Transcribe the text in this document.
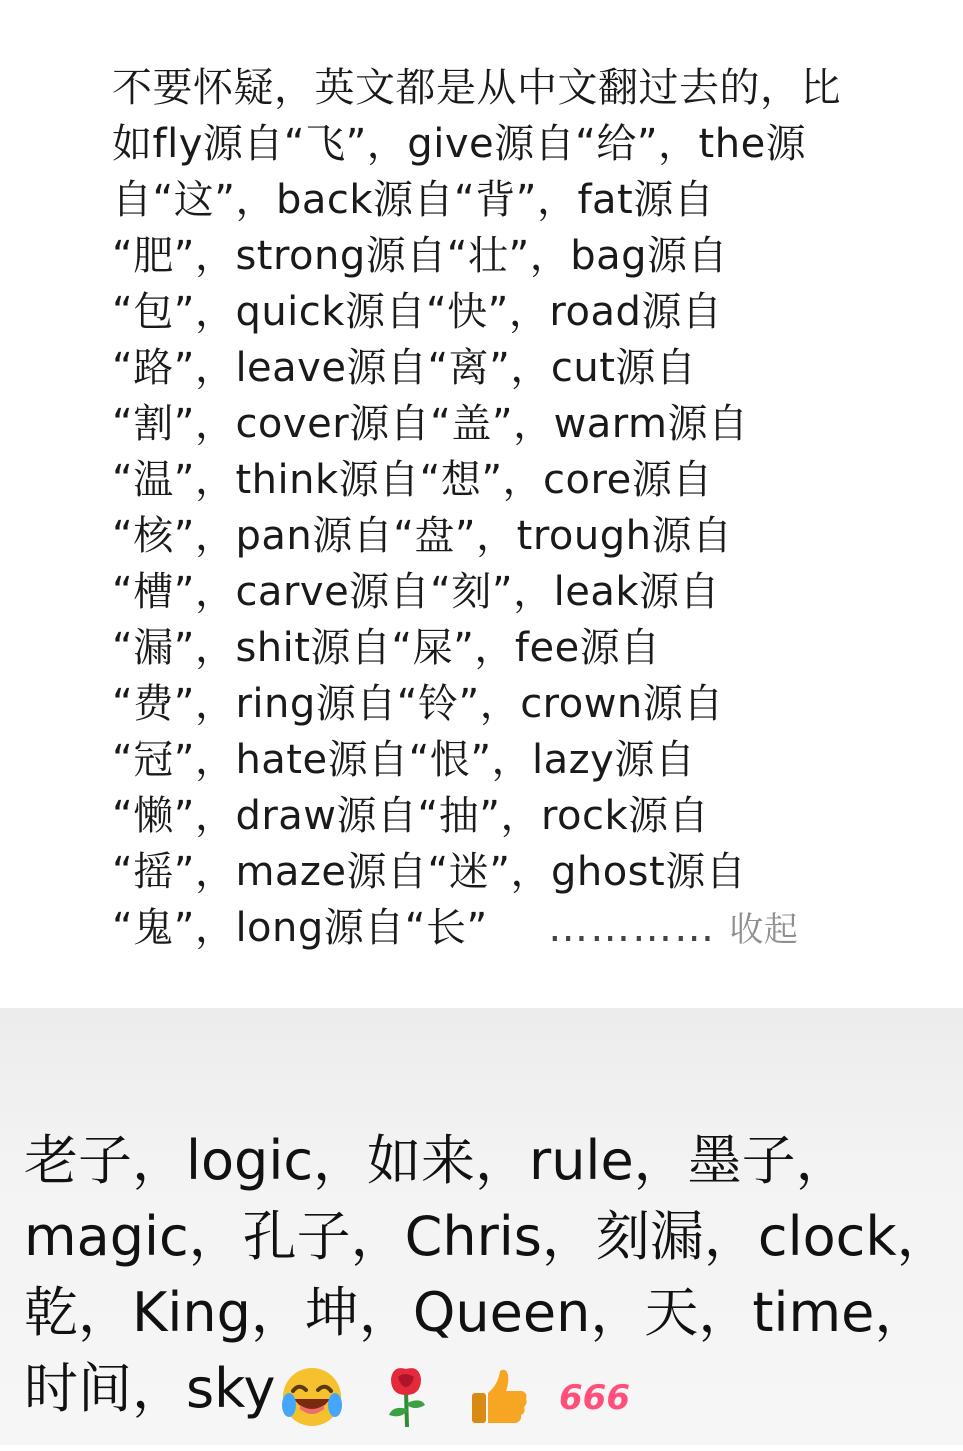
不要怀疑，英文都是从中文翻过去的，比
如fly源自“飞”，give源自“给”，the源
自“这”，back源自“背”，fat源自
“肥”，strong源自“壮”，bag源自
“包”，quick源自“快”，road源自
“路”，leave源自“离”，cut源自
“割”，cover源自“盖”，warm源自
“温”，think源自“想”，core源自
“核”，pan源自“盘”，trough源自
“槽”，carve源自“刻”，leak源自
“漏”，shit源自“屎”，fee源自
“费”，ring源自“铃”，crown源自
“冠”，hate源自“恨”，lazy源自
“懒”，draw源自“抽”，rock源自
“摇”，maze源自“迷”，ghost源自
“鬼”，long源自“长” ………… 收起
老子，logic，如来，rule，墨子，
magic，孔子，Chris，刻漏，clock，
乾，King，坤，Queen，天，time，
时间，sky	666
